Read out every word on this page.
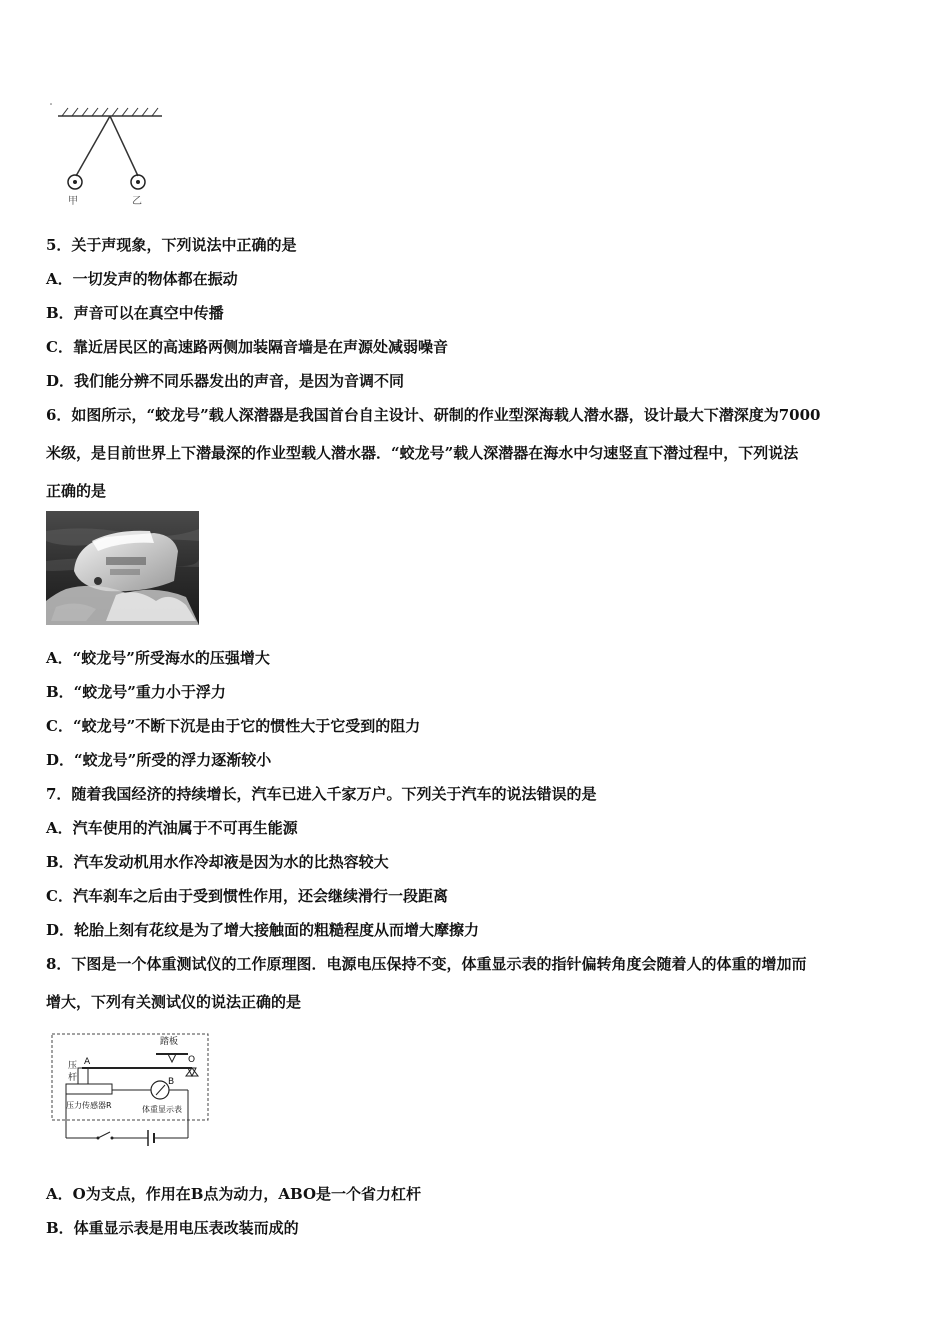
甲	乙
5．关于声现象，下列说法中正确的是
A．一切发声的物体都在振动
B．声音可以在真空中传播
C．靠近居民区的高速路两侧加装隔音墙是在声源处减弱噪音
D．我们能分辨不同乐器发出的声音，是因为音调不同
6．如图所示，“蛟龙号”载人深潜器是我国首台自主设计、研制的作业型深海载人潜水器，设计最大下潜深度为7000
米级，是目前世界上下潜最深的作业型载人潜水器．“蛟龙号”载人深潜器在海水中匀速竖直下潜过程中，下列说法
正确的是
A．“蛟龙号”所受海水的压强增大
B．“蛟龙号”重力小于浮力
C．“蛟龙号”不断下沉是由于它的惯性大于它受到的阻力
D．“蛟龙号”所受的浮力逐渐较小
7．随着我国经济的持续增长，汽车已进入千家万户。下列关于汽车的说法错误的是
A．汽车使用的汽油属于不可再生能源
B．汽车发动机用水作冷却液是因为水的比热容较大
C．汽车刹车之后由于受到惯性作用，还会继续滑行一段距离
D．轮胎上刻有花纹是为了增大接触面的粗糙程度从而增大摩擦力
8．下图是一个体重测试仪的工作原理图．电源电压保持不变，体重显示表的指针偏转角度会随着人的体重的增加而
增大，下列有关测试仪的说法正确的是
踏板
A	O
B
压
杆
压力传感器R	体重显示表
A．O为支点，作用在B点为动力，ABO是一个省力杠杆
B．体重显示表是用电压表改装而成的
